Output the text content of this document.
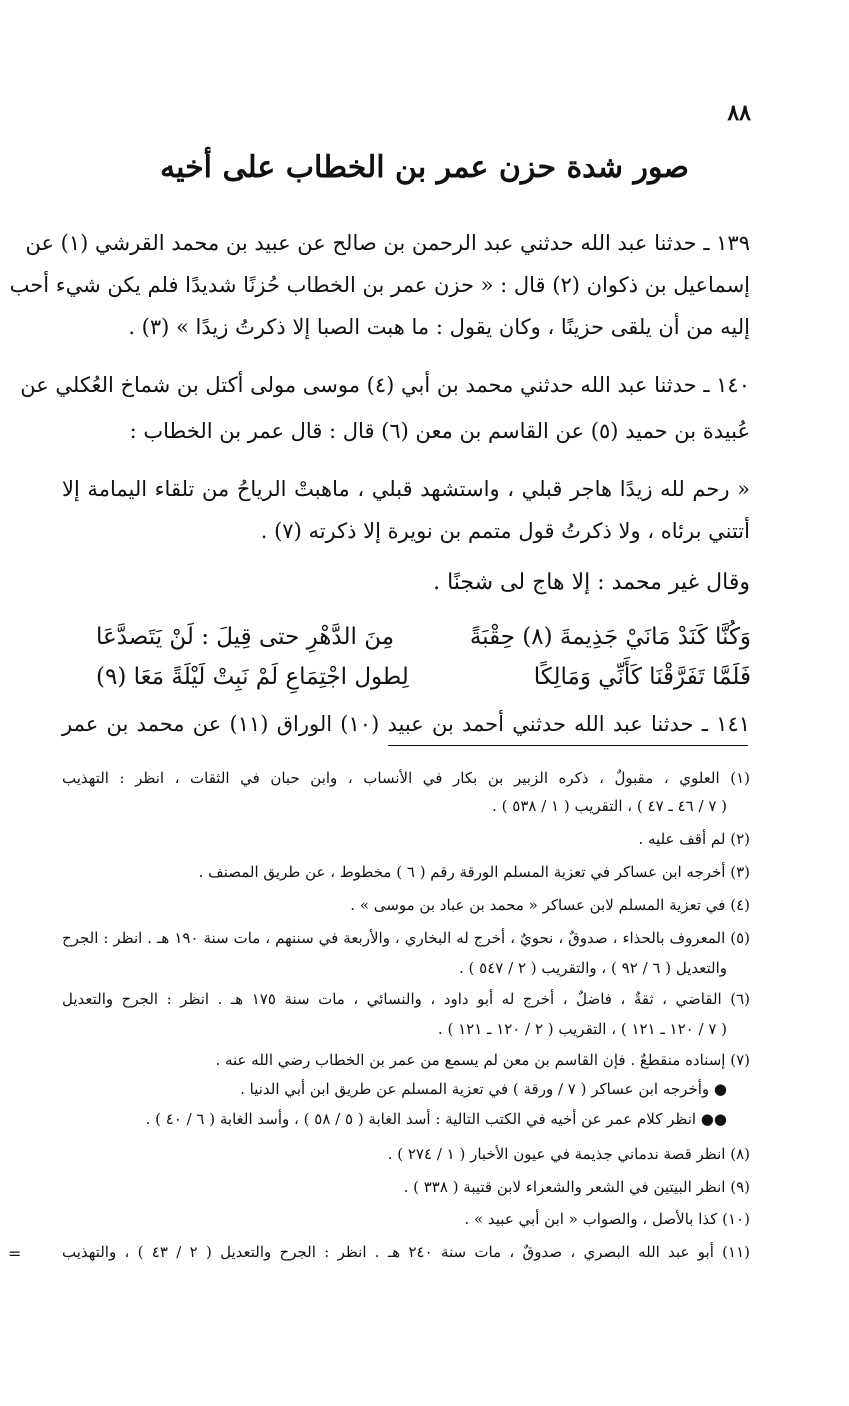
٨٨
صور شدة حزن عمر بن الخطاب على أخيه
١٣٩ ـ حدثنا عبد الله حدثني عبد الرحمن بن صالح عن عبيد بن محمد القرشي (١) عن
إسماعيل بن ذكوان (٢) قال : « حزن عمر بن الخطاب حُزنًا شديدًا فلم يكن شيء أحب
إليه من أن يلقى حزينًا ، وكان يقول : ما هبت الصبا إلا ذكرتُ زيدًا » (٣) .
١٤٠ ـ حدثنا عبد الله حدثني محمد بن أبي (٤) موسى مولى أكتل بن شماخ العُكلي عن
عُبيدة بن حميد (٥) عن القاسم بن معن (٦) قال : قال عمر بن الخطاب :
« رحم لله زيدًا هاجر قبلي ، واستشهد قبلي ، ماهبتْ الرياحُ من تلقاء اليمامة إلا
أتتني برئاه ، ولا ذكرتُ قول متمم بن نويرة إلا ذكرته (٧) .
وقال غير محمد : إلا هاج لى شجنًا .
وَكُنَّا كَنَدْ مَانَيْ جَذِيمةَ (٨) حِقْبَةً
مِنَ الدَّهْرِ حتى قِيلَ : لَنْ يَتَصدَّعَا
فَلَمَّا تَفَرَّقْنَا كَأَنِّي وَمَالِكًا
لِطول اجْتِمَاعِ لَمْ نَبِتْ لَيْلَةً مَعَا (٩)
١٤١ ـ حدثنا عبد الله حدثني أحمد بن عبيد (١٠) الوراق (١١) عن محمد بن عمر
(١) العلوي ، مقبولٌ ، ذكره الزبير بن بكار في الأنساب ، وابن حبان في الثقات ، انظر : التهذيب
( ٧ / ٤٦ ـ ٤٧ ) ، التقريب ( ١ / ٥٣٨ ) .
(٢) لم أقف عليه .
(٣) أخرجه ابن عساكر في تعزية المسلم الورقة رقم ( ٦ ) مخطوط ، عن طريق المصنف .
(٤) في تعزية المسلم لابن عساكر « محمد بن عباد بن موسى » .
(٥) المعروف بالحذاء ، صدوقٌ ، نحويٌ ، أخرج له البخاري ، والأربعة في سننهم ، مات سنة ١٩٠ هـ . انظر : الجرح
والتعديل ( ٦ / ٩٢ ) ، والتقريب ( ٢ / ٥٤٧ ) .
(٦) القاضي ، ثقةٌ ، فاضلٌ ، أخرج له أبو داود ، والنسائي ، مات سنة ١٧٥ هـ . انظر : الجرح والتعديل
( ٧ / ١٢٠ ـ ١٢١ ) ، التقريب ( ٢ / ١٢٠ ـ ١٢١ ) .
(٧) إسناده منقطعٌ . فإن القاسم بن معن لم يسمع من عمر بن الخطاب رضي الله عنه .
● وأخرجه ابن عساكر ( ٧ / ورقة ) في تعزية المسلم عن طريق ابن أبي الدنيا .
●● انظر كلام عمر عن أخيه في الكتب التالية : أسد الغابة ( ٥ / ٥٨ ) ، وأسد الغابة ( ٦ / ٤٠ ) .
(٨) انظر قصة ندماني جذيمة في عيون الأخبار ( ١ / ٢٧٤ ) .
(٩) انظر البيتين في الشعر والشعراء لابن قتيبة ( ٣٣٨ ) .
(١٠) كذا بالأصل ، والصواب « ابن أبي عبيد » .
(١١) أبو عبد الله البصري ، صدوقٌ ، مات سنة ٢٤٠ هـ . انظر : الجرح والتعديل ( ٢ / ٤٣ ) ، والتهذيب
=
